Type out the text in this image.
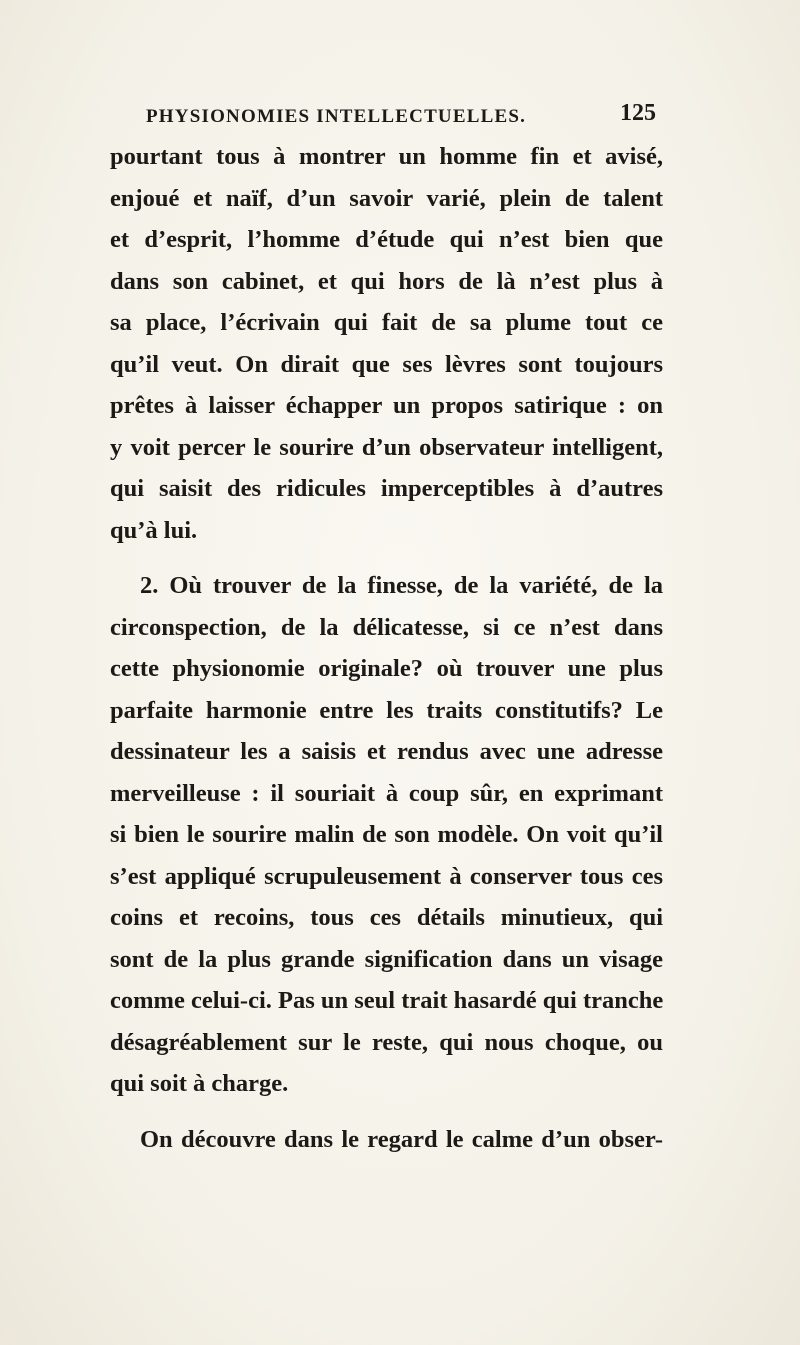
PHYSIONOMIES INTELLECTUELLES.	125
pourtant tous à montrer un homme fin et avisé,
enjoué et naïf, d’un savoir varié, plein de talent
et d’esprit, l’homme d’étude qui n’est bien que
dans son cabinet, et qui hors de là n’est plus à
sa place, l’écrivain qui fait de sa plume tout ce
qu’il veut. On dirait que ses lèvres sont toujours
prêtes à laisser échapper un propos satirique : on
y voit percer le sourire d’un observateur intelligent,
qui saisit des ridicules imperceptibles à d’autres
qu’à lui.
2. Où trouver de la finesse, de la variété, de la
circonspection, de la délicatesse, si ce n’est dans
cette physionomie originale? où trouver une plus
parfaite harmonie entre les traits constitutifs? Le
dessinateur les a saisis et rendus avec une adresse
merveilleuse : il souriait à coup sûr, en exprimant
si bien le sourire malin de son modèle. On voit qu’il
s’est appliqué scrupuleusement à conserver tous ces
coins et recoins, tous ces détails minutieux, qui
sont de la plus grande signification dans un visage
comme celui-ci. Pas un seul trait hasardé qui tranche
désagréablement sur le reste, qui nous choque, ou
qui soit à charge.
On découvre dans le regard le calme d’un obser-
